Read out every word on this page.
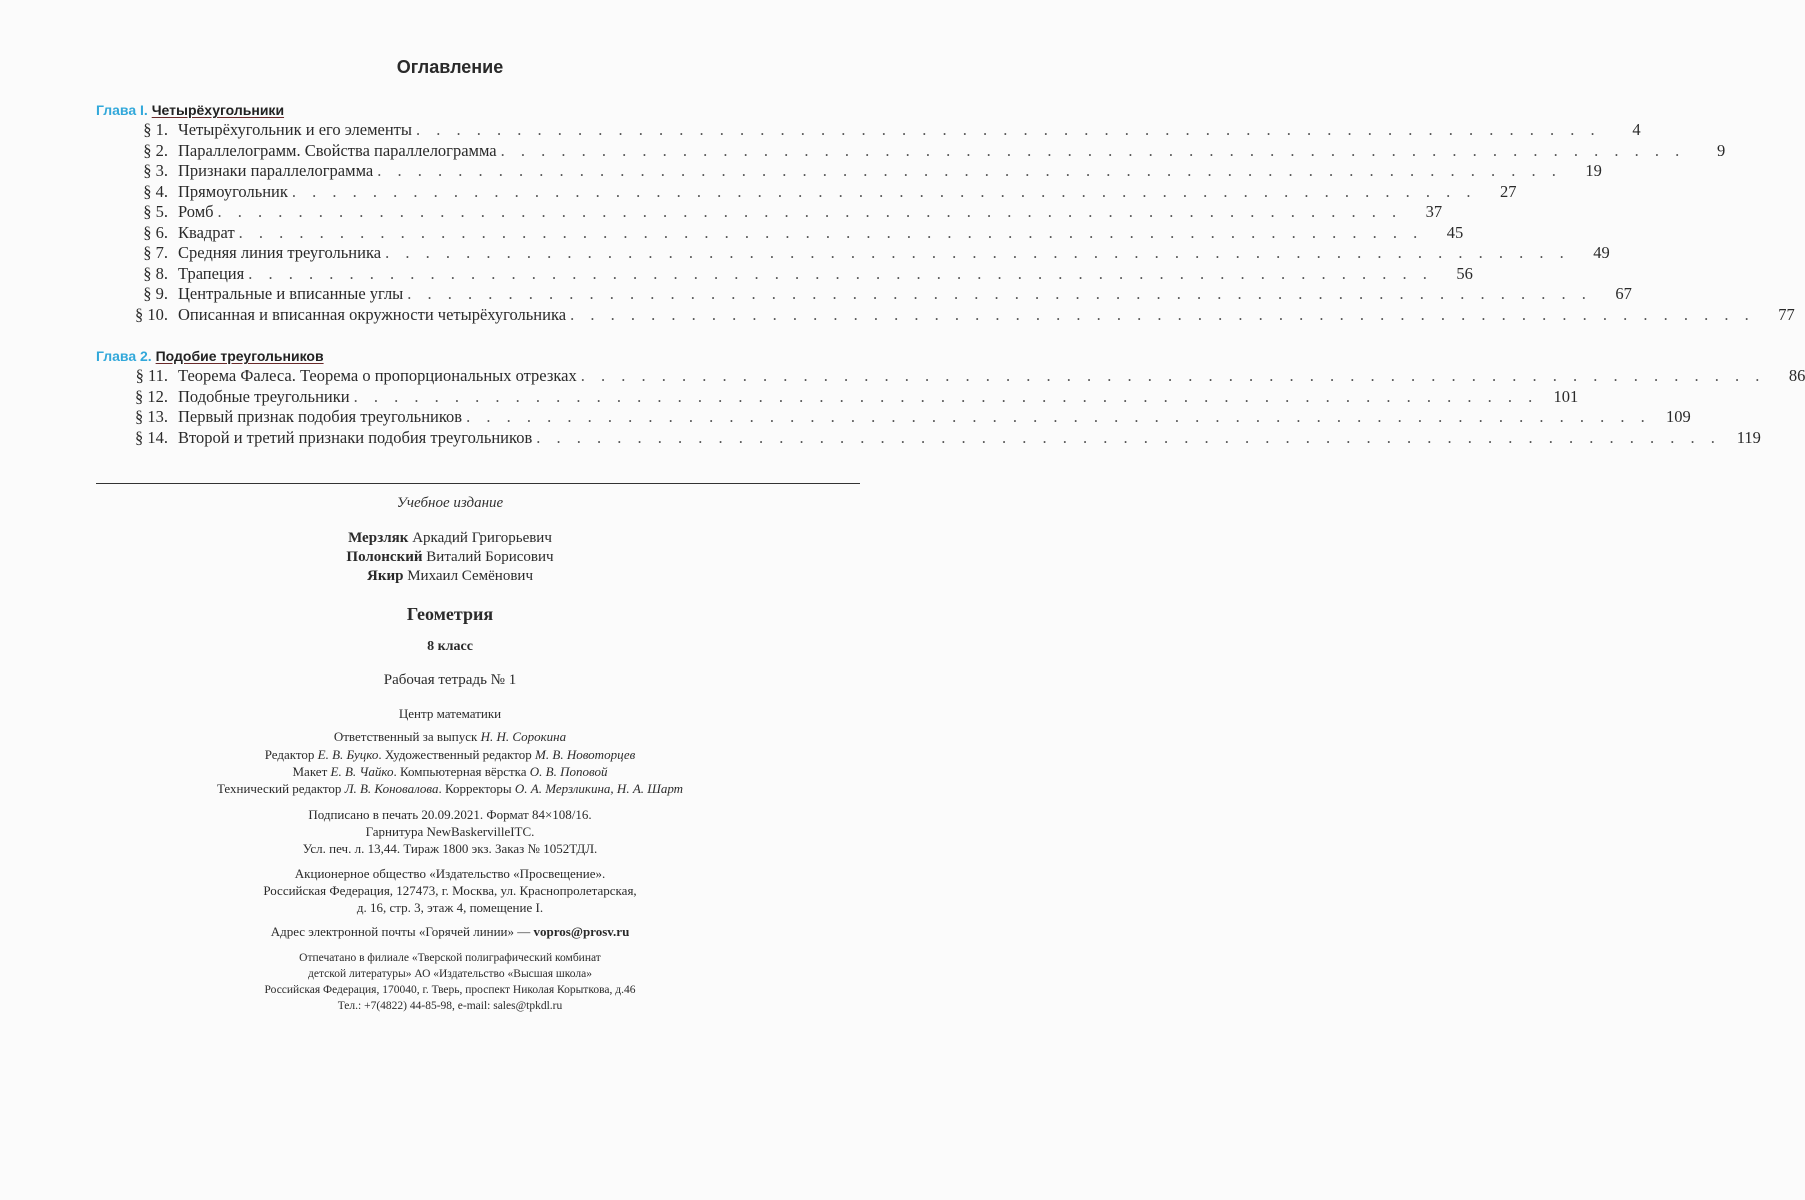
Оглавление
Глава I. Четырёхугольники
§ 1. Четырёхугольник и его элементы . . . . . . . . . . . . . . . . . . . . . . . . . . . . . . . . . . . . . . . . . . . . . . . . . . . . . . . . . . .	4
§ 2. Параллелограмм. Свойства параллелограмма . . . . . . . . . . . . . . . . . . . . . . . . . . . . . . . . . . . . . . . . . . . . . . . . . . . . . . . . . . .	9
§ 3. Признаки параллелограмма . . . . . . . . . . . . . . . . . . . . . . . . . . . . . . . . . . . . . . . . . . . . . . . . . . . . . . . . . . .	19
§ 4. Прямоугольник . . . . . . . . . . . . . . . . . . . . . . . . . . . . . . . . . . . . . . . . . . . . . . . . . . . . . . . . . . .	27
§ 5. Ромб . . . . . . . . . . . . . . . . . . . . . . . . . . . . . . . . . . . . . . . . . . . . . . . . . . . . . . . . . . .	37
§ 6. Квадрат . . . . . . . . . . . . . . . . . . . . . . . . . . . . . . . . . . . . . . . . . . . . . . . . . . . . . . . . . . .	45
§ 7. Средняя линия треугольника . . . . . . . . . . . . . . . . . . . . . . . . . . . . . . . . . . . . . . . . . . . . . . . . . . . . . . . . . . .	49
§ 8. Трапеция . . . . . . . . . . . . . . . . . . . . . . . . . . . . . . . . . . . . . . . . . . . . . . . . . . . . . . . . . . .	56
§ 9. Центральные и вписанные углы . . . . . . . . . . . . . . . . . . . . . . . . . . . . . . . . . . . . . . . . . . . . . . . . . . . . . . . . . . .	67
§ 10. Описанная и вписанная окружности четырёхугольника . . . . . . . . . . . . . . . . . . . . . . . . . . . . . . . . . . . . . . . . . . . . . . . . . . . . . . . . . . .	77
Глава 2. Подобие треугольников
§ 11. Теорема Фалеса. Теорема о пропорциональных отрезках . . . . . . . . . . . . . . . . . . . . . . . . . . . . . . . . . . . . . . . . . . . . . . . . . . . . . . . . . . .	86
§ 12. Подобные треугольники . . . . . . . . . . . . . . . . . . . . . . . . . . . . . . . . . . . . . . . . . . . . . . . . . . . . . . . . . . . 101
§ 13. Первый признак подобия треугольников . . . . . . . . . . . . . . . . . . . . . . . . . . . . . . . . . . . . . . . . . . . . . . . . . . . . . . . . . . . 109
§ 14. Второй и третий признаки подобия треугольников . . . . . . . . . . . . . . . . . . . . . . . . . . . . . . . . . . . . . . . . . . . . . . . . . . . . . . . . . . . 119
Учебное издание
Мерзляк Аркадий Григорьевич
Полонский Виталий Борисович
Якир Михаил Семёнович
Геометрия
8 класс
Рабочая тетрадь № 1
Центр математики
Ответственный за выпуск Н. Н. Сорокина
Редактор Е. В. Буцко. Художественный редактор М. В. Новоторцев
Макет Е. В. Чайко. Компьютерная вёрстка О. В. Поповой
Технический редактор Л. В. Коновалова. Корректоры О. А. Мерзликина, Н. А. Шарт
Подписано в печать 20.09.2021. Формат 84×108/16.
Гарнитура NewBaskervilleITC.
Усл. печ. л. 13,44. Тираж 1800 экз. Заказ № 1052ТДЛ.
Акционерное общество «Издательство «Просвещение».
Российская Федерация, 127473, г. Москва, ул. Краснопролетарская,
д. 16, стр. 3, этаж 4, помещение I.
Адрес электронной почты «Горячей линии» — vopros@prosv.ru
Отпечатано в филиале «Тверской полиграфический комбинат
детской литературы» АО «Издательство «Высшая школа»
Российская Федерация, 170040, г. Тверь, проспект Николая Корыткова, д.46
Тел.: +7(4822) 44-85-98, e-mail: sales@tpkdl.ru
